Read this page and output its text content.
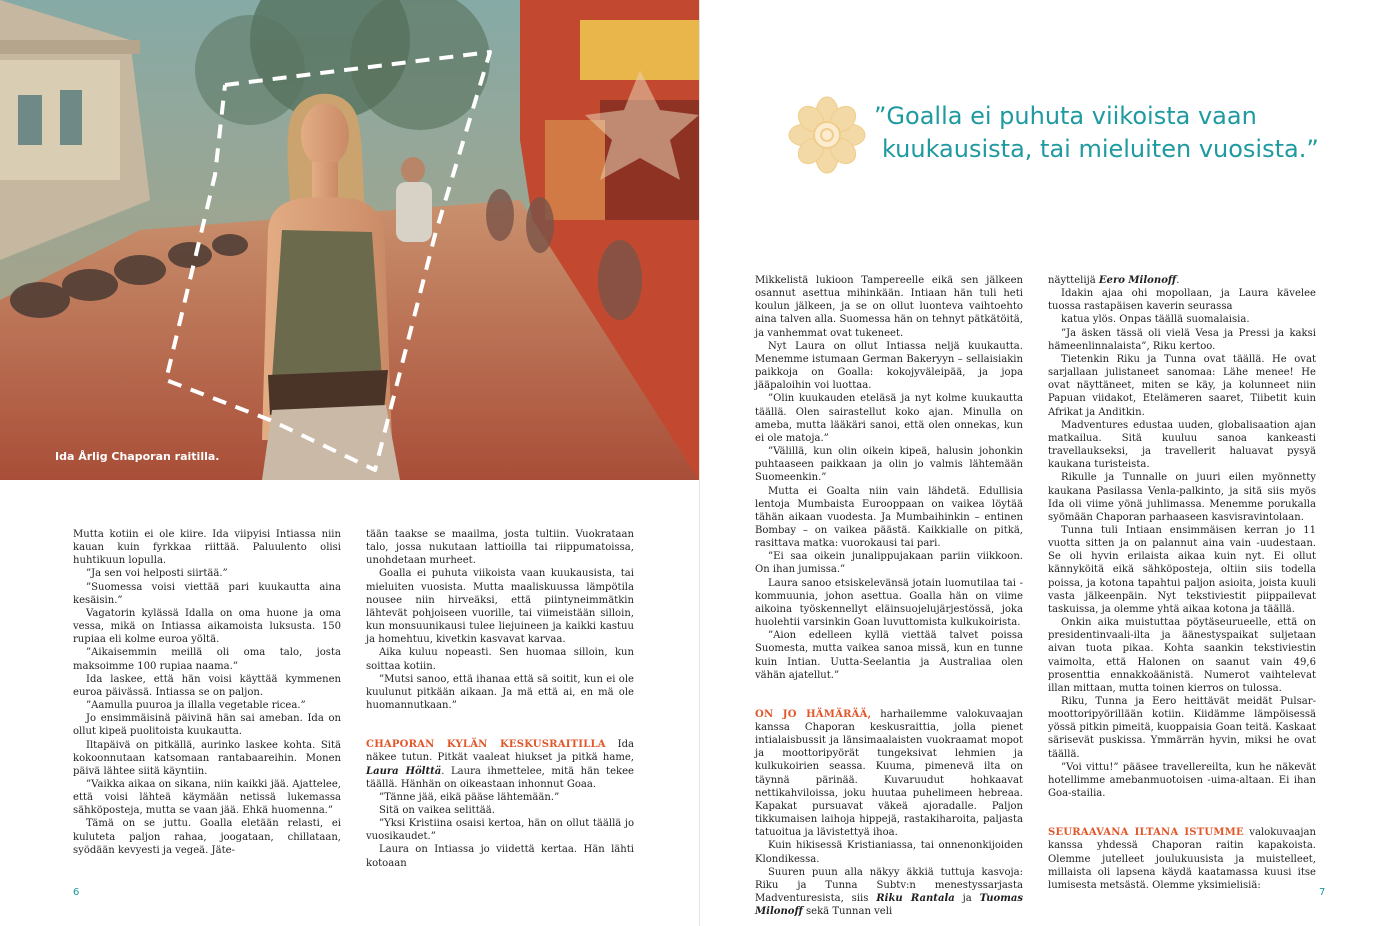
Ida Årlig Chaporan raitilla.
”Goalla ei puhuta viikoista vaan
kuukausista, tai mieluiten vuosista.”

Mutta kotiin ei ole kiire. Ida viipyisi Intiassa niin kauan kuin fyrkkaa riittää. Paluulento olisi huhtikuun lopulla.

”Ja sen voi helposti siirtää.”

”Suomessa voisi viettää pari kuukautta aina kesäisin.”

Vagatorin kylässä Idalla on oma huone ja oma vessa, mikä on Intiassa aikamoista luksusta. 150 rupiaa eli kolme euroa yöltä.

”Aikaisemmin meillä oli oma talo, josta maksoimme 100 rupiaa naama.”

Ida laskee, että hän voisi käyttää kymmenen euroa päivässä. Intiassa se on paljon.

”Aamulla puuroa ja illalla vegetable ricea.”

Jo ensimmäisinä päivinä hän sai ameban. Ida on ollut kipeä puolitoista kuukautta.

Iltapäivä on pitkällä, aurinko laskee kohta. Sitä kokoonnutaan katsomaan rantabaareihin. Monen päivä lähtee siitä käyntiin.

”Vaikka aikaa on sikana, niin kaikki jää. Ajattelee, että voisi lähteä käymään netissä lukemassa sähköposteja, mutta se vaan jää. Ehkä huomenna.”

Tämä on se juttu. Goalla eletään relasti, ei kuluteta paljon rahaa, joogataan, chillataan, syödään kevyesti ja vegeä. Jäte-

tään taakse se maailma, josta tultiin. Vuokrataan talo, jossa nukutaan lattioilla tai riippumatoissa, unohdetaan murheet.

Goalla ei puhuta viikoista vaan kuukausista, tai mieluiten vuosista. Mutta maaliskuussa lämpötila nousee niin hirveäksi, että piintyneimmätkin lähtevät pohjoiseen vuorille, tai viimeistään silloin, kun monsuunikausi tulee liejuineen ja kaikki kastuu ja homehtuu, kivetkin kasvavat karvaa.

Aika kuluu nopeasti. Sen huomaa silloin, kun soittaa kotiin.

”Mutsi sanoo, että ihanaa että sä soitit, kun ei ole kuulunut pitkään aikaan. Ja mä että ai, en mä ole huomannutkaan.”

CHAPORAN KYLÄN KESKUSRAITILLA Ida näkee tutun. Pitkät vaaleat hiukset ja pitkä hame, Laura Hölttä. Laura ihmettelee, mitä hän tekee täällä. Hänhän on oikeastaan inhonnut Goaa.

”Tänne jää, eikä pääse lähtemään.”

Sitä on vaikea selittää.

”Yksi Kristiina osaisi kertoa, hän on ollut täällä jo vuosikaudet.”

Laura on Intiassa jo viidettä kertaa. Hän lähti kotoaan

Mikkelistä lukioon Tampereelle eikä sen jälkeen osannut asettua mihinkään. Intiaan hän tuli heti koulun jälkeen, ja se on ollut luonteva vaihtoehto aina talven alla. Suomessa hän on tehnyt pätkätöitä, ja vanhemmat ovat tukeneet.

Nyt Laura on ollut Intiassa neljä kuukautta. Menemme istumaan German Bakeryyn – sellaisiakin paikkoja on Goalla: kokojyväleipää, ja jopa jääpaloihin voi luottaa.

”Olin kuukauden eteläsä ja nyt kolme kuukautta täällä. Olen sairastellut koko ajan. Minulla on ameba, mutta lääkäri sanoi, että olen onnekas, kun ei ole matoja.”

”Välillä, kun olin oikein kipeä, halusin johonkin puhtaaseen paikkaan ja olin jo valmis lähtemään Suomeenkin.”

Mutta ei Goalta niin vain lähdetä. Edullisia lentoja Mumbaista Eurooppaan on vaikea löytää tähän aikaan vuodesta. Ja Mumbaihinkin – entinen Bombay – on vaikea päästä. Kaikkialle on pitkä, rasittava matka: vuorokausi tai pari.

”Ei saa oikein junalippujakaan pariin viikkoon. On ihan jumissa.”

Laura sanoo etsiskelevänsä jotain luomutilaa tai -kommuunia, johon asettua. Goalla hän on viime aikoina työskennellyt eläinsuojelujärjestössä, joka huolehtii varsinkin Goan luvuttomista kulkukoirista.

”Aion edelleen kyllä viettää talvet poissa Suomesta, mutta vaikea sanoa missä, kun en tunne kuin Intian. Uutta-Seelantia ja Australiaa olen vähän ajatellut.”

ON JO HÄMÄRÄÄ, harhailemme valokuvaajan kanssa Chaporan keskusraittia, jolla pienet intialaisbussit ja länsimaalaisten vuokraamat mopot ja moottoripyörät tungeksivat lehmien ja kulkukoirien seassa. Kuuma, pimenevä ilta on täynnä pärinää. Kuvaruudut hohkaavat nettikahviloissa, joku huutaa puhelimeen hebreaa. Kapakat pursuavat väkeä ajoradalle. Paljon tikkumaisen laihoja hippejä, rastakiharoita, paljasta tatuoitua ja lävistettyä ihoa.

Kuin hikisessä Kristianiassa, tai onnenonkijoiden Klondikessa.

Suuren puun alla näkyy äkkiä tuttuja kasvoja: Riku ja Tunna Subtv:n menestyssarjasta Madventuresista, siis Riku Rantala ja Tuomas Milonoff sekä Tunnan veli

näyttelijä Eero Milonoff.

Idakin ajaa ohi mopollaan, ja Laura kävelee tuossa rastapäisen kaverin seurassa

katua ylös. Onpas täällä suomalaisia.

”Ja äsken tässä oli vielä Vesa ja Pressi ja kaksi hämeenlinnalaista”, Riku kertoo.

Tietenkin Riku ja Tunna ovat täällä. He ovat sarjallaan julistaneet sanomaa: Lähe menee! He ovat näyttäneet, miten se käy, ja kolunneet niin Papuan viidakot, Etelämeren saaret, Tiibetit kuin Afrikat ja Anditkin.

Madventures edustaa uuden, globalisaation ajan matkailua. Sitä kuuluu sanoa kankeasti travellaukseksi, ja travellerit haluavat pysyä kaukana turisteista.

Rikulle ja Tunnalle on juuri eilen myönnetty kaukana Pasilassa Venla-palkinto, ja sitä siis myös Ida oli viime yönä juhlimassa. Menemme porukalla syömään Chaporan parhaaseen kasvisravintolaan.

Tunna tuli Intiaan ensimmäisen kerran jo 11 vuotta sitten ja on palannut aina vain -uudestaan. Se oli hyvin erilaista aikaa kuin nyt. Ei ollut kännyköitä eikä sähköposteja, oltiin siis todella poissa, ja kotona tapahtui paljon asioita, joista kuuli vasta jälkeenpäin. Nyt tekstiviestit piippailevat taskuissa, ja olemme yhtä aikaa kotona ja täällä.

Onkin aika muistuttaa pöytäseurueelle, että on presidentinvaali-ilta ja äänestyspaikat suljetaan aivan tuota pikaa. Kohta saankin tekstiviestin vaimolta, että Halonen on saanut vain 49,6 prosenttia ennakkoäänistä. Numerot vaihtelevat illan mittaan, mutta toinen kierros on tulossa.

Riku, Tunna ja Eero heittävät meidät Pulsar-moottoripyörillään kotiin. Kiidämme lämpöisessä yössä pitkin pimeitä, kuoppaisia Goan teitä. Kaskaat särisevät puskissa. Ymmärrän hyvin, miksi he ovat täällä.

”Voi vittu!” pääsee travellereilta, kun he näkevät hotellimme amebanmuotoisen -uima-altaan. Ei ihan Goa-stailia.

SEURAAVANA ILTANA ISTUMME valokuvaajan kanssa yhdessä Chaporan raitin kapakoista. Olemme jutelleet joulukuusista ja muistelleet, millaista oli lapsena käydä kaatamassa kuusi itse lumisesta metsästä. Olemme yksimielisiä:

6	7
